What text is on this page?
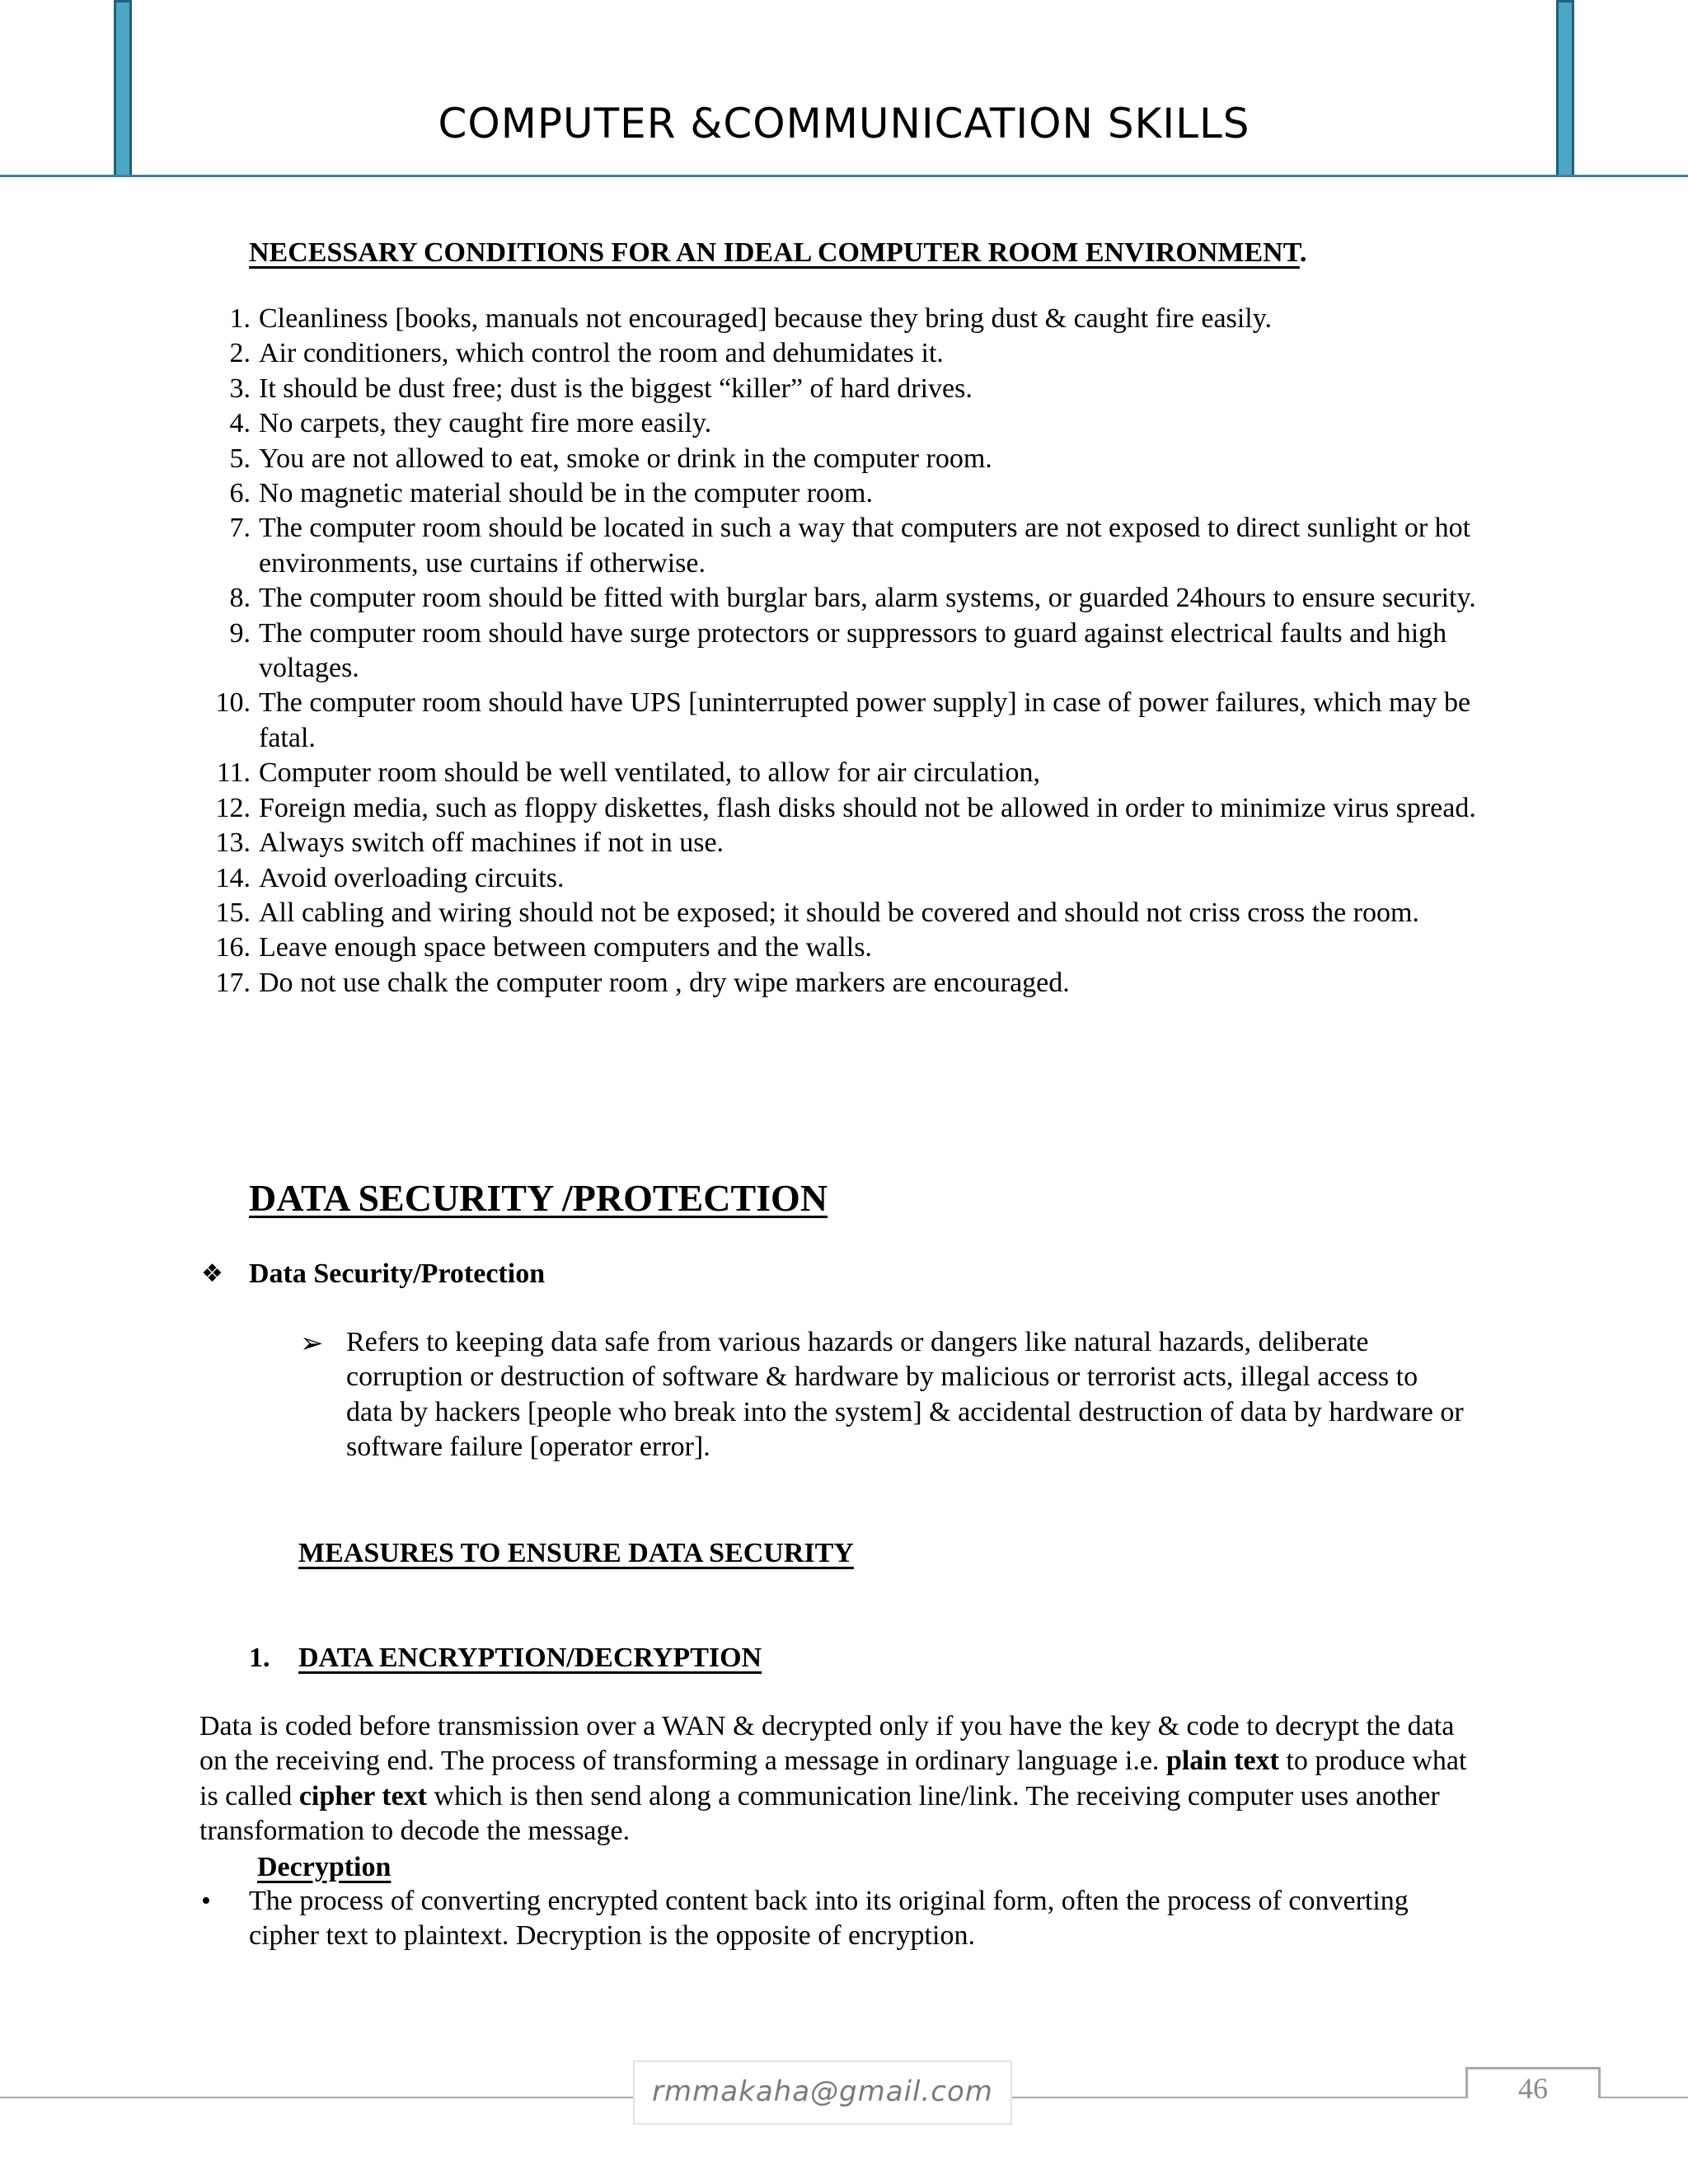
COMPUTER &COMMUNICATION SKILLS
NECESSARY CONDITIONS FOR AN IDEAL COMPUTER ROOM ENVIRONMENT.
1. Cleanliness [books, manuals not encouraged] because they bring dust & caught fire easily.
2. Air conditioners, which control the room and dehumidates it.
3. It should be dust free; dust is the biggest “killer” of hard drives.
4. No carpets, they caught fire more easily.
5. You are not allowed to eat, smoke or drink in the computer room.
6. No magnetic material should be in the computer room.
7. The computer room should be located in such a way that computers are not exposed to direct sunlight or hot environments, use curtains if otherwise.
8. The computer room should be fitted with burglar bars, alarm systems, or guarded 24hours to ensure security.
9. The computer room should have surge protectors or suppressors to guard against electrical faults and high voltages.
10. The computer room should have UPS [uninterrupted power supply] in case of power failures, which may be fatal.
11. Computer room should be well ventilated, to allow for air circulation,
12. Foreign media, such as floppy diskettes, flash disks should not be allowed in order to minimize virus spread.
13. Always switch off machines if not in use.
14. Avoid overloading circuits.
15. All cabling and wiring should not be exposed; it should be covered and should not criss cross the room.
16. Leave enough space between computers and the walls.
17. Do not use chalk the computer room , dry wipe markers are encouraged.
DATA SECURITY /PROTECTION
❖ Data Security/Protection
➢ Refers to keeping data safe from various hazards or dangers like natural hazards, deliberate corruption or destruction of software & hardware by malicious or terrorist acts, illegal access to data by hackers [people who break into the system] & accidental destruction of data by hardware or software failure [operator error].
MEASURES TO ENSURE DATA SECURITY
1. DATA ENCRYPTION/DECRYPTION
Data is coded before transmission over a WAN & decrypted only if you have the key & code to decrypt the data on the receiving end. The process of transforming a message in ordinary language i.e. plain text to produce what is called cipher text which is then send along a communication line/link. The receiving computer uses another transformation to decode the message.
Decryption
• The process of converting encrypted content back into its original form, often the process of converting cipher text to plaintext. Decryption is the opposite of encryption.
rmmakaha@gmail.com	46
